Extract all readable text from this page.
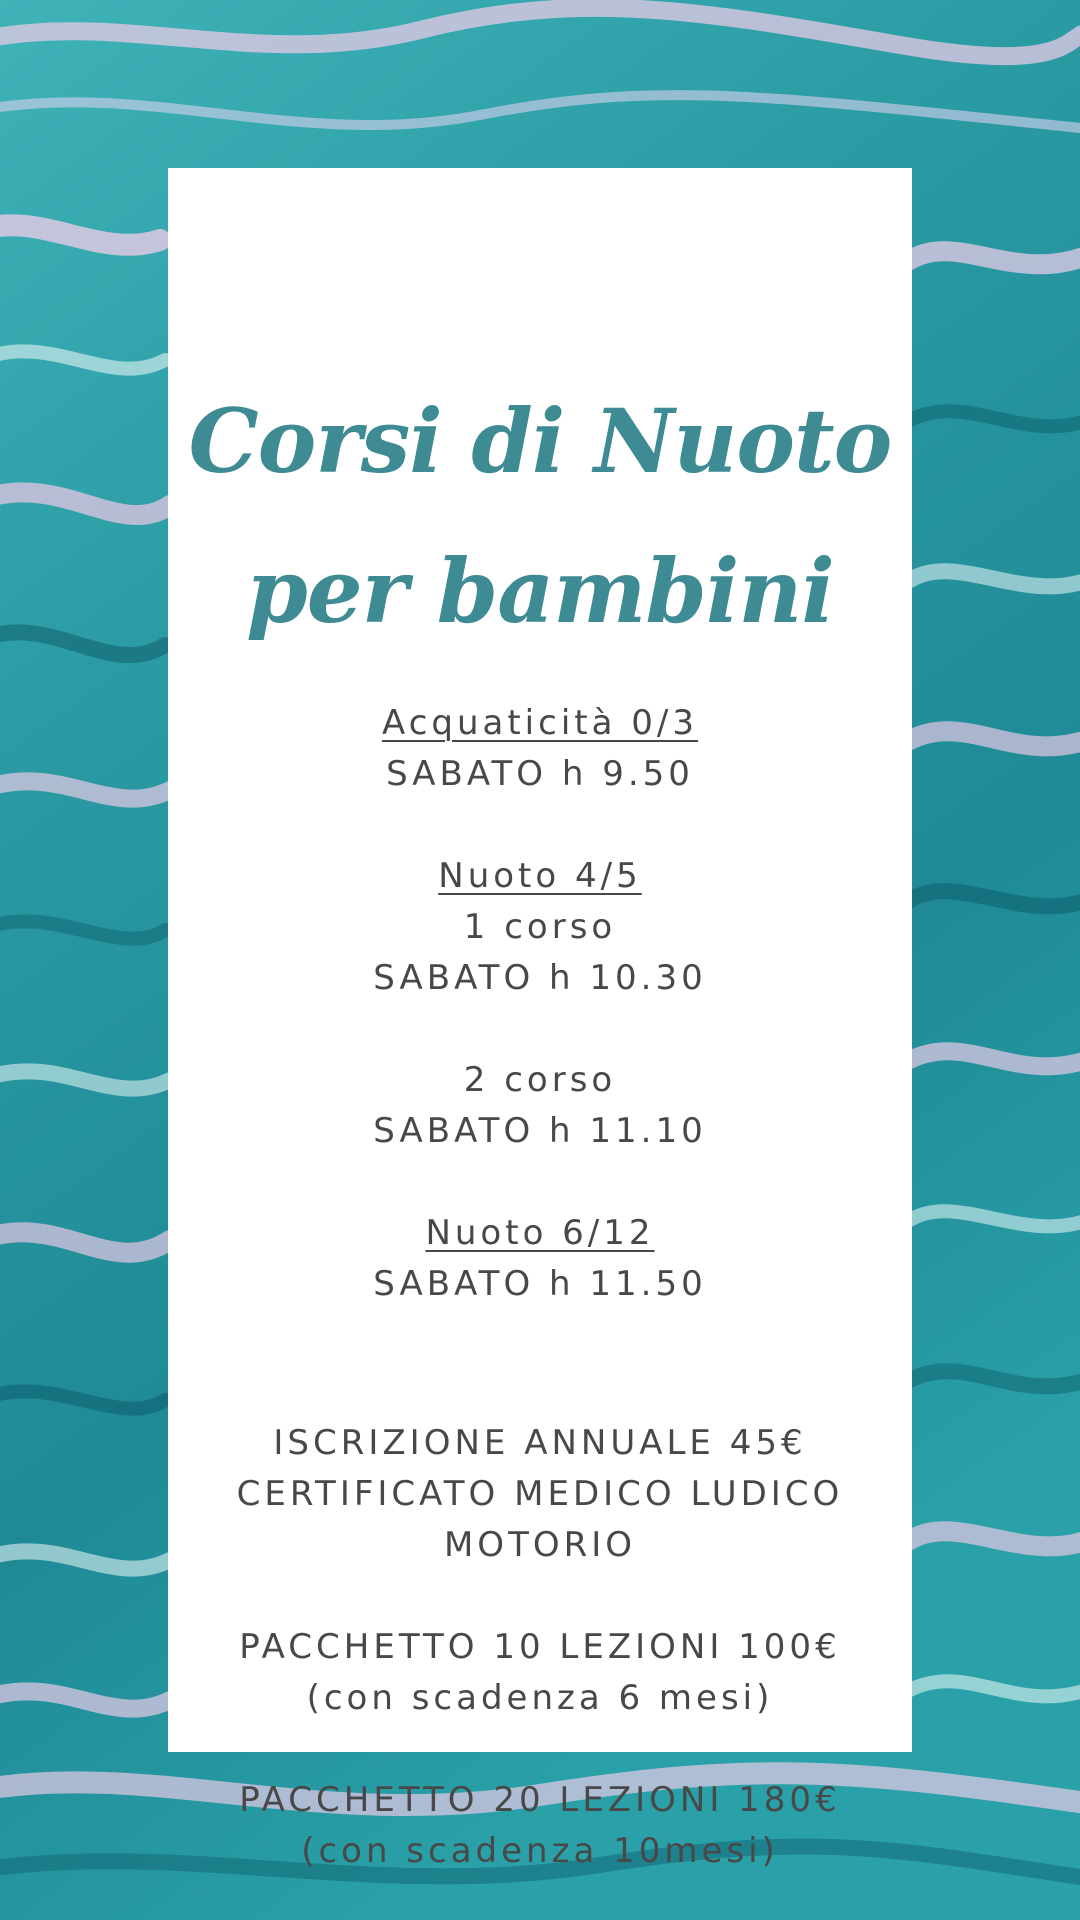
Corsi di Nuoto
per bambini
Acquaticità 0/3
SABATO h 9.50
Nuoto 4/5
1 corso
SABATO h 10.30
2 corso
SABATO h 11.10
Nuoto 6/12
SABATO h 11.50
ISCRIZIONE ANNUALE 45€
CERTIFICATO MEDICO LUDICO
MOTORIO
PACCHETTO 10 LEZIONI 100€
(con scadenza 6 mesi)
PACCHETTO 20 LEZIONI 180€
(con scadenza 10mesi)
